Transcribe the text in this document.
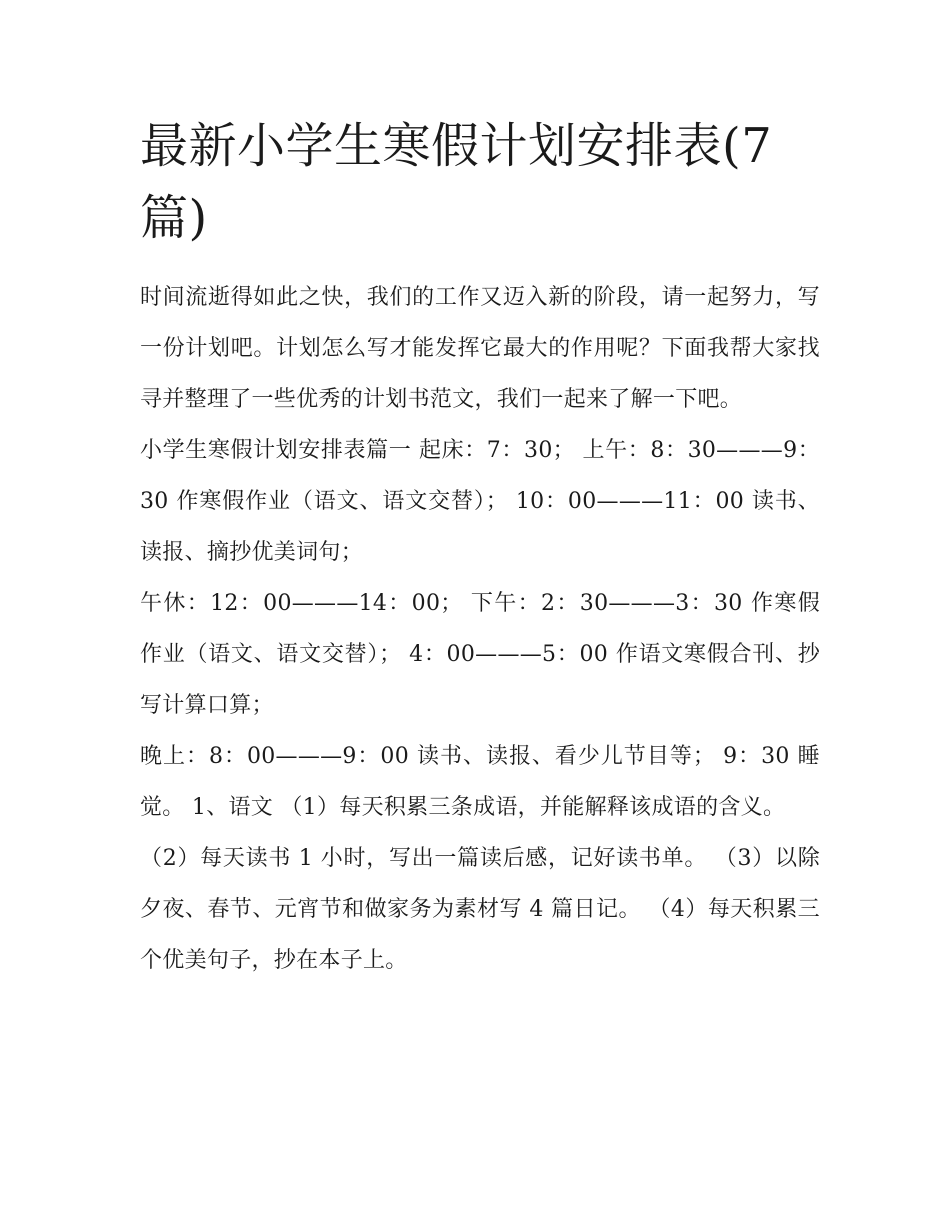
最新小学生寒假计划安排表(7篇)

时间流逝得如此之快，我们的工作又迈入新的阶段，请一起努力，写一份计划吧。计划怎么写才能发挥它最大的作用呢？下面我帮大家找寻并整理了一些优秀的计划书范文，我们一起来了解一下吧。

小学生寒假计划安排表篇一 起床：7：30； 上午：8：30———9：30 作寒假作业（语文、语文交替）； 10：00———11：00 读书、读报、摘抄优美词句；

午休：12：00———14：00； 下午：2：30———3：30 作寒假作业（语文、语文交替）； 4：00———5：00 作语文寒假合刊、抄写计算口算；

晚上：8：00———9：00 读书、读报、看少儿节目等； 9：30 睡觉。 1、语文 （1）每天积累三条成语，并能解释该成语的含义。

（2）每天读书 1 小时，写出一篇读后感，记好读书单。 （3）以除夕夜、春节、元宵节和做家务为素材写 4 篇日记。 （4）每天积累三个优美句子，抄在本子上。
